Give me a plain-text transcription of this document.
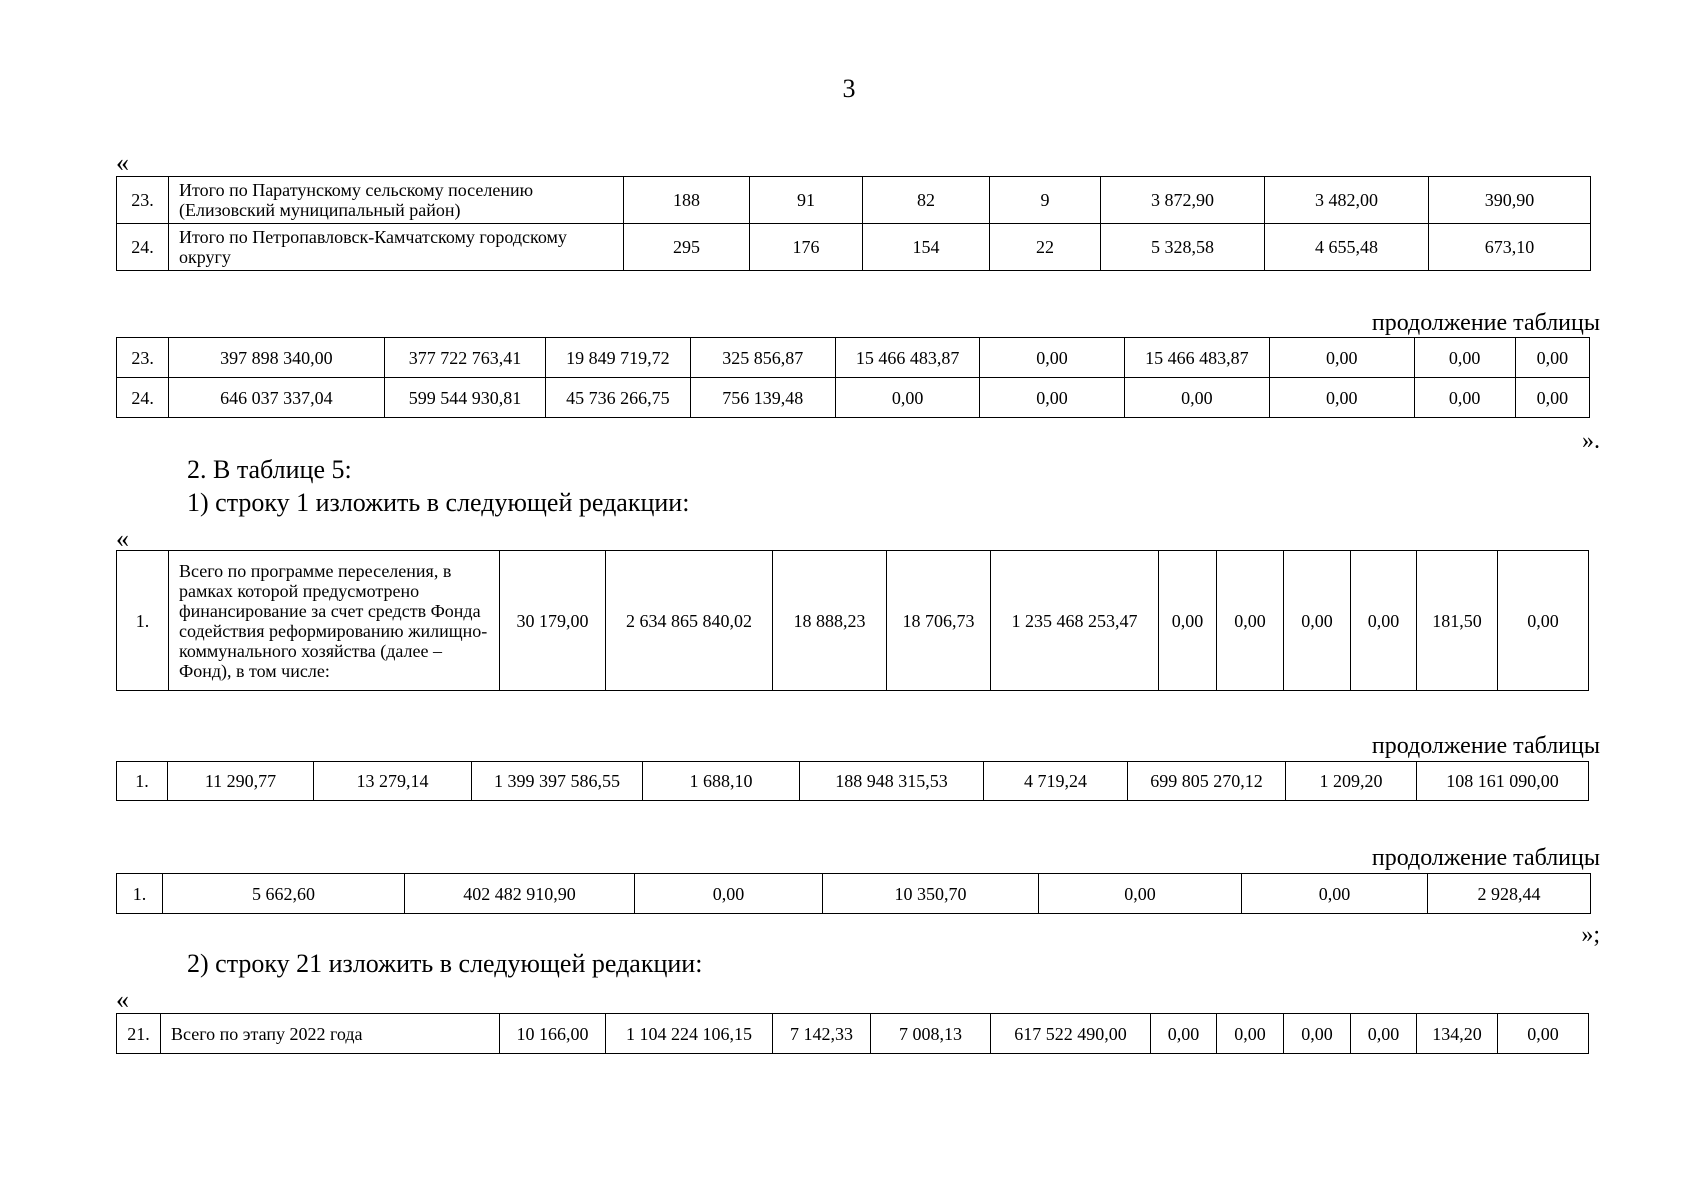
3
«
23.	Итого по Паратунскому сельскому поселению (Елизовский муниципальный район)	188	91	82	9	3 872,90	3 482,00	390,90
24.	Итого по Петропавловск-Камчатскому городскому округу	295	176	154	22	5 328,58	4 655,48	673,10
продолжение таблицы
23.	397 898 340,00	377 722 763,41	19 849 719,72	325 856,87	15 466 483,87	0,00	15 466 483,87	0,00	0,00	0,00
24.	646 037 337,04	599 544 930,81	45 736 266,75	756 139,48	0,00	0,00	0,00	0,00	0,00	0,00
».
2. В таблице 5:
1) строку 1 изложить в следующей редакции:
«
1.	Всего по программе переселения, в рамках которой предусмотрено финансирование за счет средств Фонда содействия реформированию жилищно-коммунального хозяйства (далее – Фонд), в том числе:	30 179,00	2 634 865 840,02	18 888,23	18 706,73	1 235 468 253,47	0,00	0,00	0,00	0,00	181,50	0,00
продолжение таблицы
1.	11 290,77	13 279,14	1 399 397 586,55	1 688,10	188 948 315,53	4 719,24	699 805 270,12	1 209,20	108 161 090,00
продолжение таблицы
1.	5 662,60	402 482 910,90	0,00	10 350,70	0,00	0,00	2 928,44
»;
2) строку 21 изложить в следующей редакции:
«
21.	Всего по этапу 2022 года	10 166,00	1 104 224 106,15	7 142,33	7 008,13	617 522 490,00	0,00	0,00	0,00	0,00	134,20	0,00
